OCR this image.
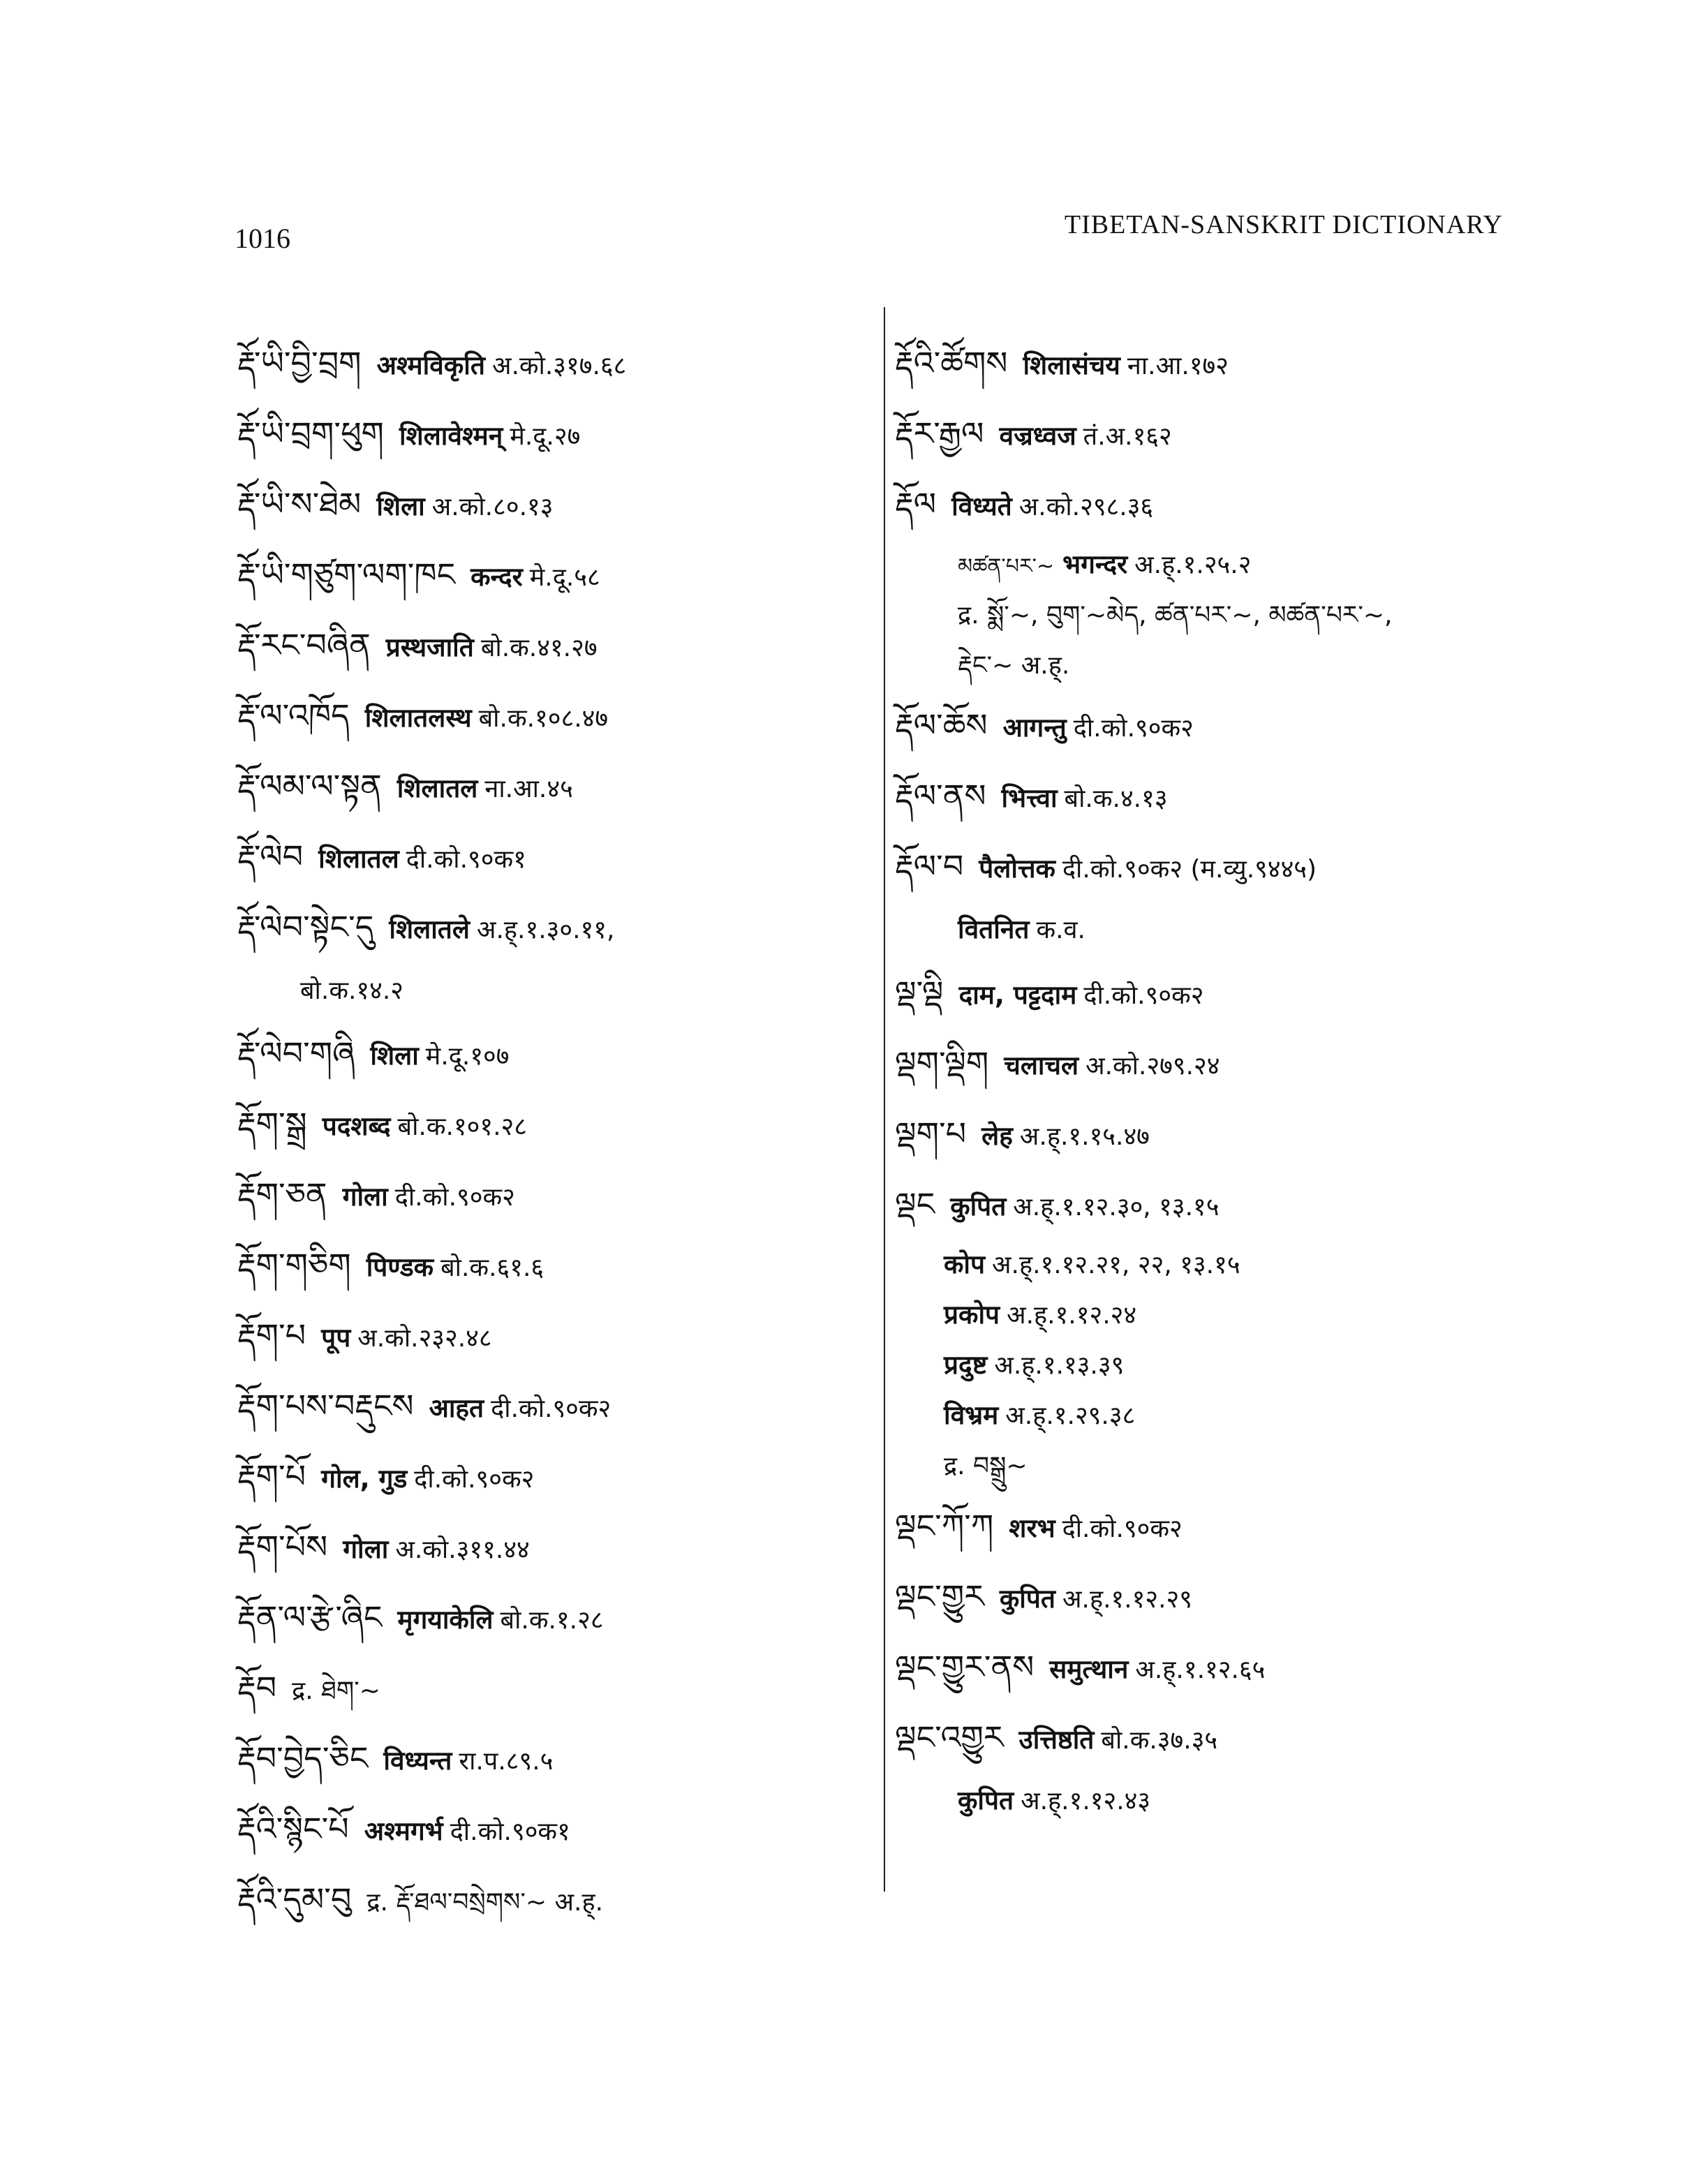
1016	TIBETAN-SANSKRIT DICTIONARY
རྡོ་ཡི་བྱི་བྲག अश्मविकृति अ.को.३१७.६८
རྡོ་ཡི་བྲག་ཕུག शिलावेश्मन् मे.दू.२७
རྡོ་ཡི་ས་ཐེམ शिला अ.को.८०.१३
རྡོ་ཡི་གཙུག་ལག་ཁང कन्दर मे.दू.५८
རྡོ་རང་བཞིན प्रस्थजाति बो.क.४१.२७
རྡོ་ལ་འཁོད शिलातलस्थ बो.क.१०८.४७
རྡོ་ལམ་ལ་སྟན शिलातल ना.आ.४५
རྡོ་ལེབ शिलातल दी.को.९०क१
རྡོ་ལེབ་སྟེང་དུ शिलातले अ.ह्.१.३०.११,
बो.क.१४.२
རྡོ་ལེབ་གཞི शिला मे.दू.१०७
རྡོག་སྒྲ पदशब्द बो.क.१०१.२८
རྡོག་ཅན गोला दी.को.९०क२
རྡོག་གཅིག पिण्डक बो.क.६१.६
རྡོག་པ पूप अ.को.२३२.४८
རྡོག་པས་བརྡུངས आहत दी.को.९०क२
རྡོག་པོ गोल, गुड दी.को.९०क२
རྡོག་པོས गोला अ.को.३११.४४
རྡོན་ལ་རྩེ་ཞིང मृगयाकेलि बो.क.१.२८
རྡོབ द्र. ཐེག་~
རྡོབ་བྱེད་ཅིང विध्यन्त रा.प.८९.५
རྡོའི་སྙིང་པོ अश्मगर्भ दी.को.९०क१
རྡོའི་དུམ་བུ द्र. རྡོ་ཐལ་བསྲེགས་~ अ.ह्.
རྡོའི་ཚོགས शिलासंचय ना.आ.१७२
རྡོར་རྒྱལ वज्रध्वज तं.अ.१६२
རྡོལ विध्यते अ.को.२९८.३६
མཚན་པར་~ भगन्दर अ.ह्.१.२५.२
द्र. སྨོ་~, བུག་~མེད, ཚན་པར་~, མཚན་པར་~,
རྡེང་~ अ.ह्.
རྡོལ་ཆོས आगन्तु दी.को.९०क२
རྡོལ་ནས भित्त्वा बो.क.४.१३
རྡོལ་བ पैलोत्तक दी.को.९०क२ (म.व्यु.९४४५)
वितनित क.व.
ལྡ་ལྡི दाम, पट्टदाम दी.को.९०क२
ལྡག་ལྡིག चलाचल अ.को.२७९.२४
ལྡག་པ लेह अ.ह्.१.१५.४७
ལྡང कुपित अ.ह्.१.१२.३०, १३.१५
कोप अ.ह्.१.१२.२१, २२, १३.१५
प्रकोप अ.ह्.१.१२.२४
प्रदुष्ट अ.ह्.१.१३.३९
विभ्रम अ.ह्.१.२९.३८
द्र. བསྒྲུ~
ལྡང་ཀོ་ཀ शरभ दी.को.९०क२
ལྡང་གྱུར कुपित अ.ह्.१.१२.२९
ལྡང་གྱུར་ནས समुत्थान अ.ह्.१.१२.६५
ལྡང་འགྱུར उत्तिष्ठति बो.क.३७.३५
कुपित अ.ह्.१.१२.४३
